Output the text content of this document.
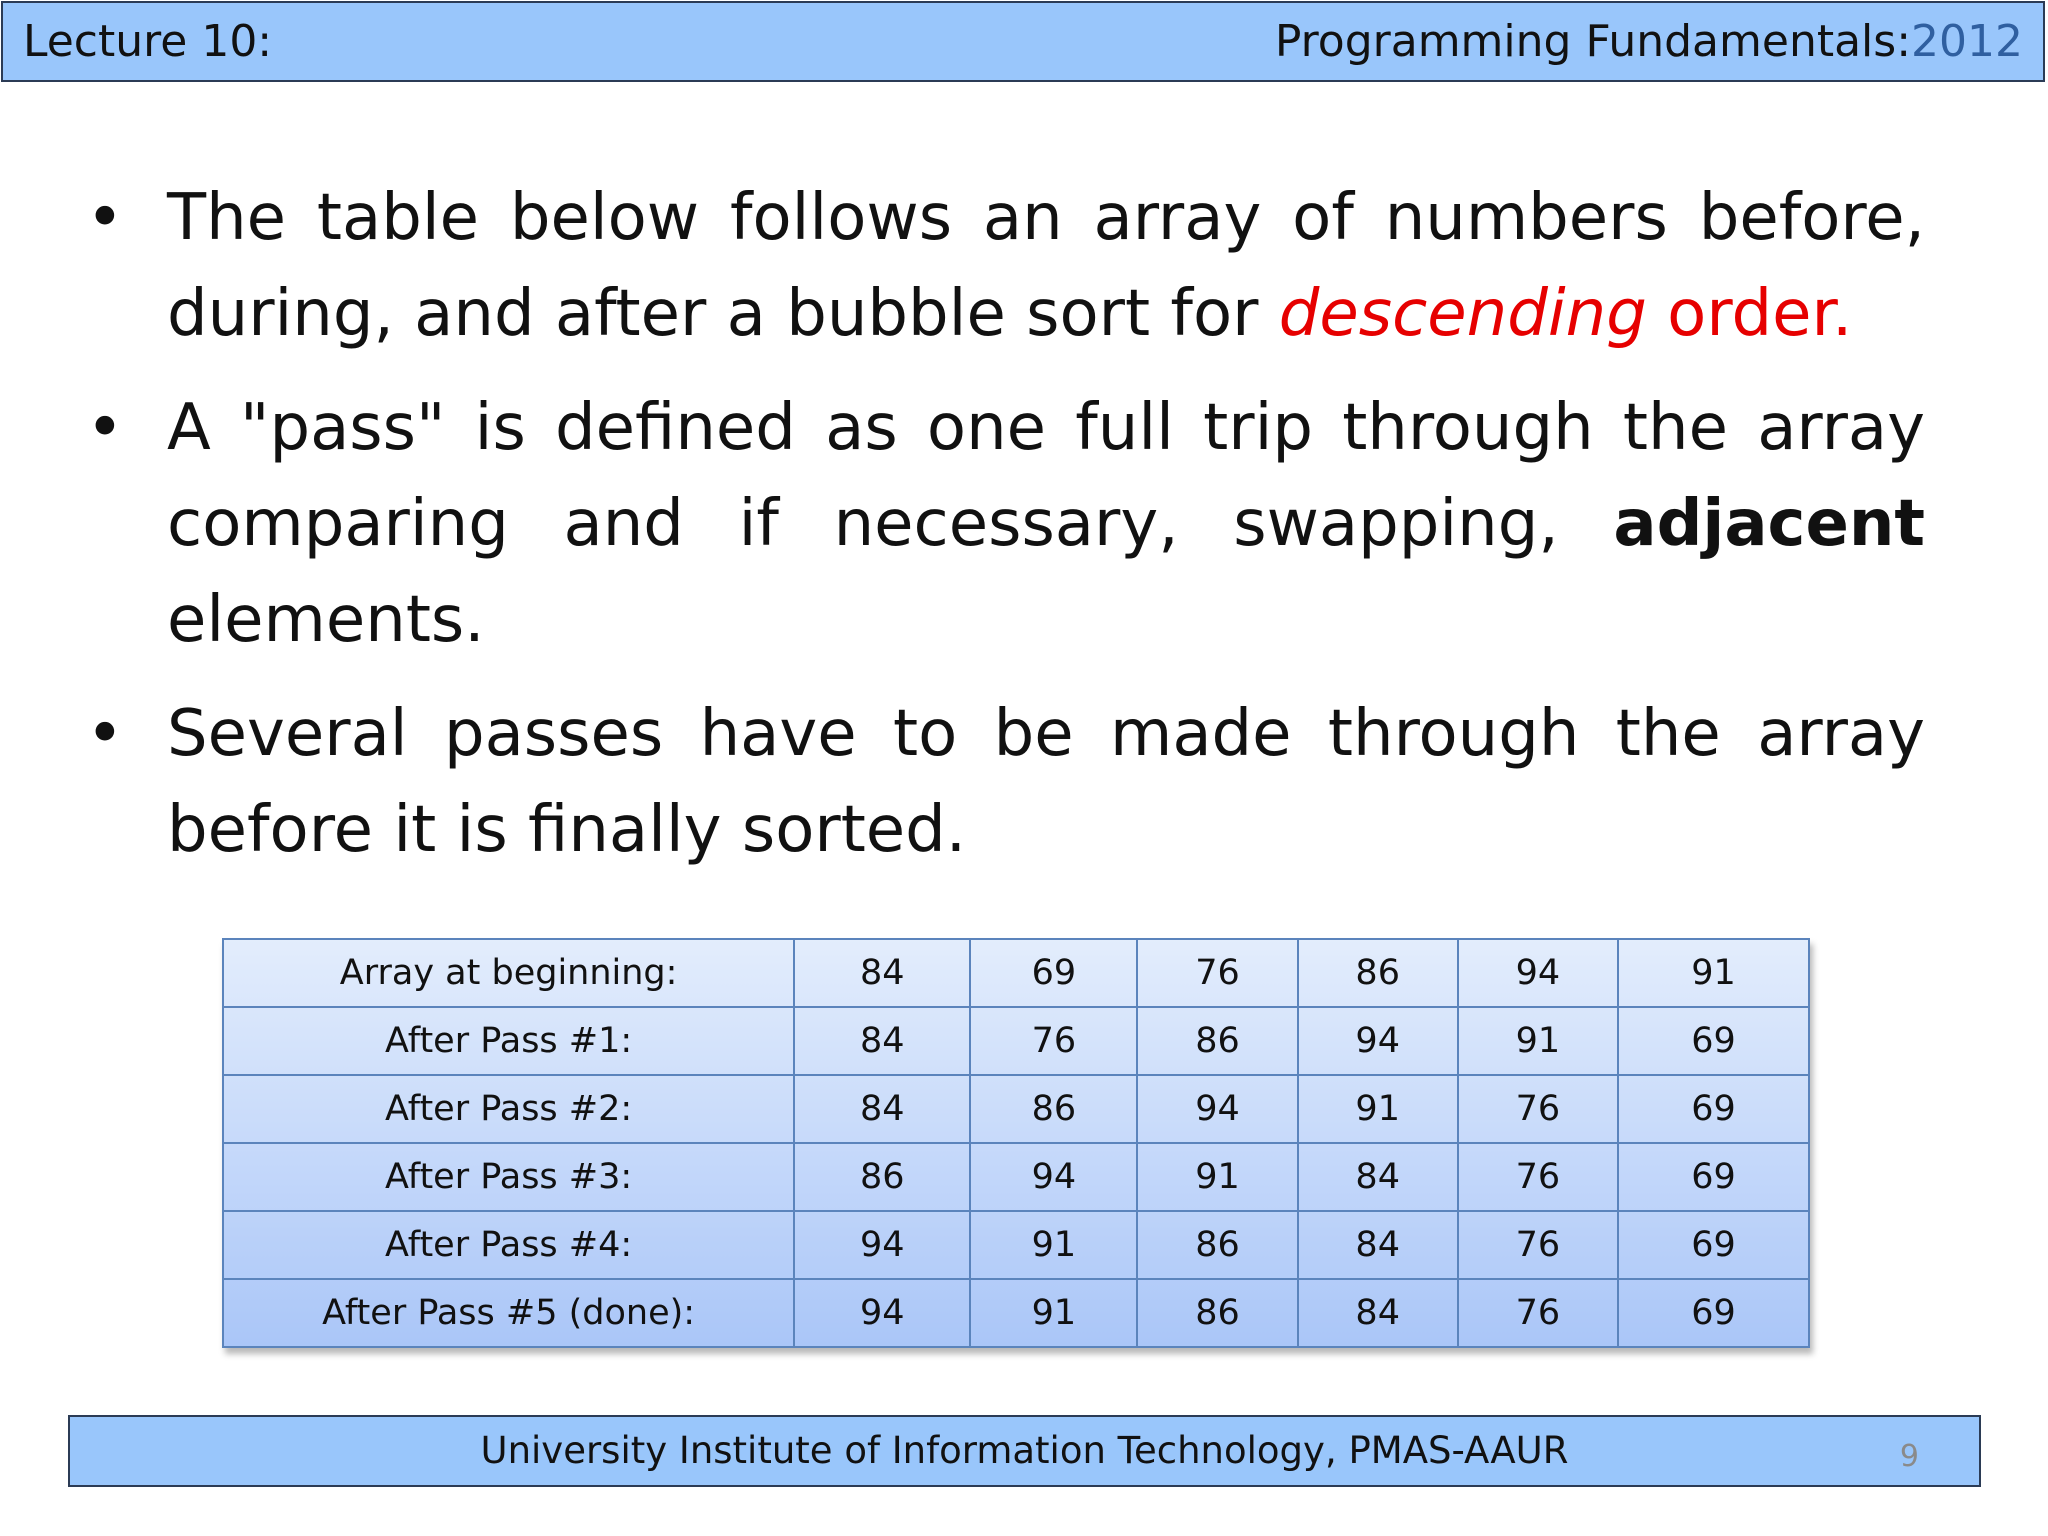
Lecture 10:	Programming Fundamentals:2012
• The table below follows an array of numbers before, during, and after a bubble sort for descending order.
• A "pass" is defined as one full trip through the array comparing and if necessary, swapping, adjacent elements.
• Several passes have to be made through the array before it is finally sorted.
Array at beginning:	84	69	76	86	94	91
After Pass #1:	84	76	86	94	91	69
After Pass #2:	84	86	94	91	76	69
After Pass #3:	86	94	91	84	76	69
After Pass #4:	94	91	86	84	76	69
After Pass #5 (done):	94	91	86	84	76	69
University Institute of Information Technology, PMAS-AAUR	9
